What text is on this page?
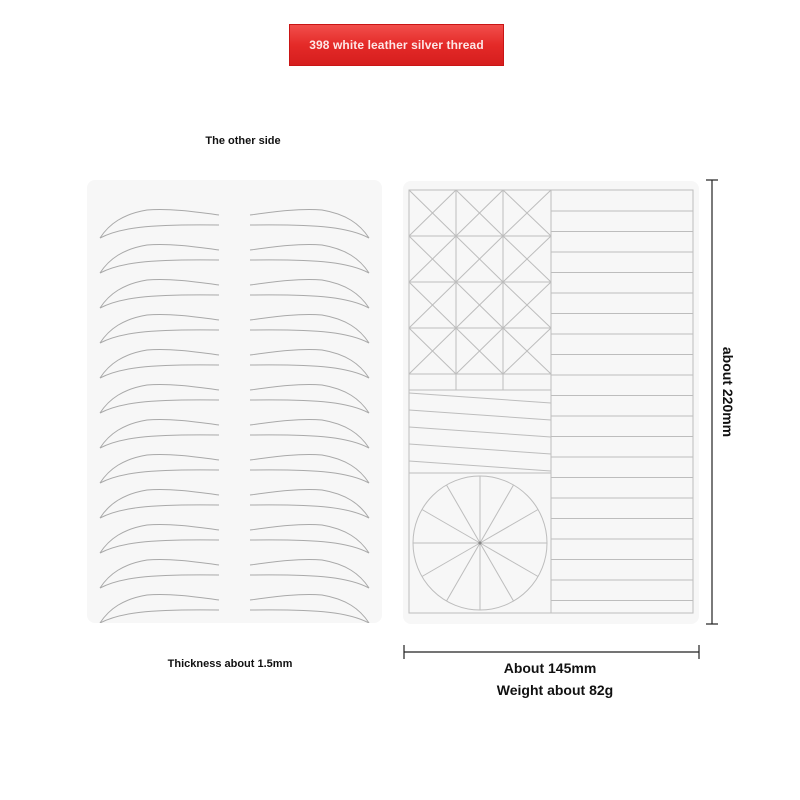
398 white leather silver thread
The other side
about 220mm
Thickness about 1.5mm	About 145mm
Weight about 82g
